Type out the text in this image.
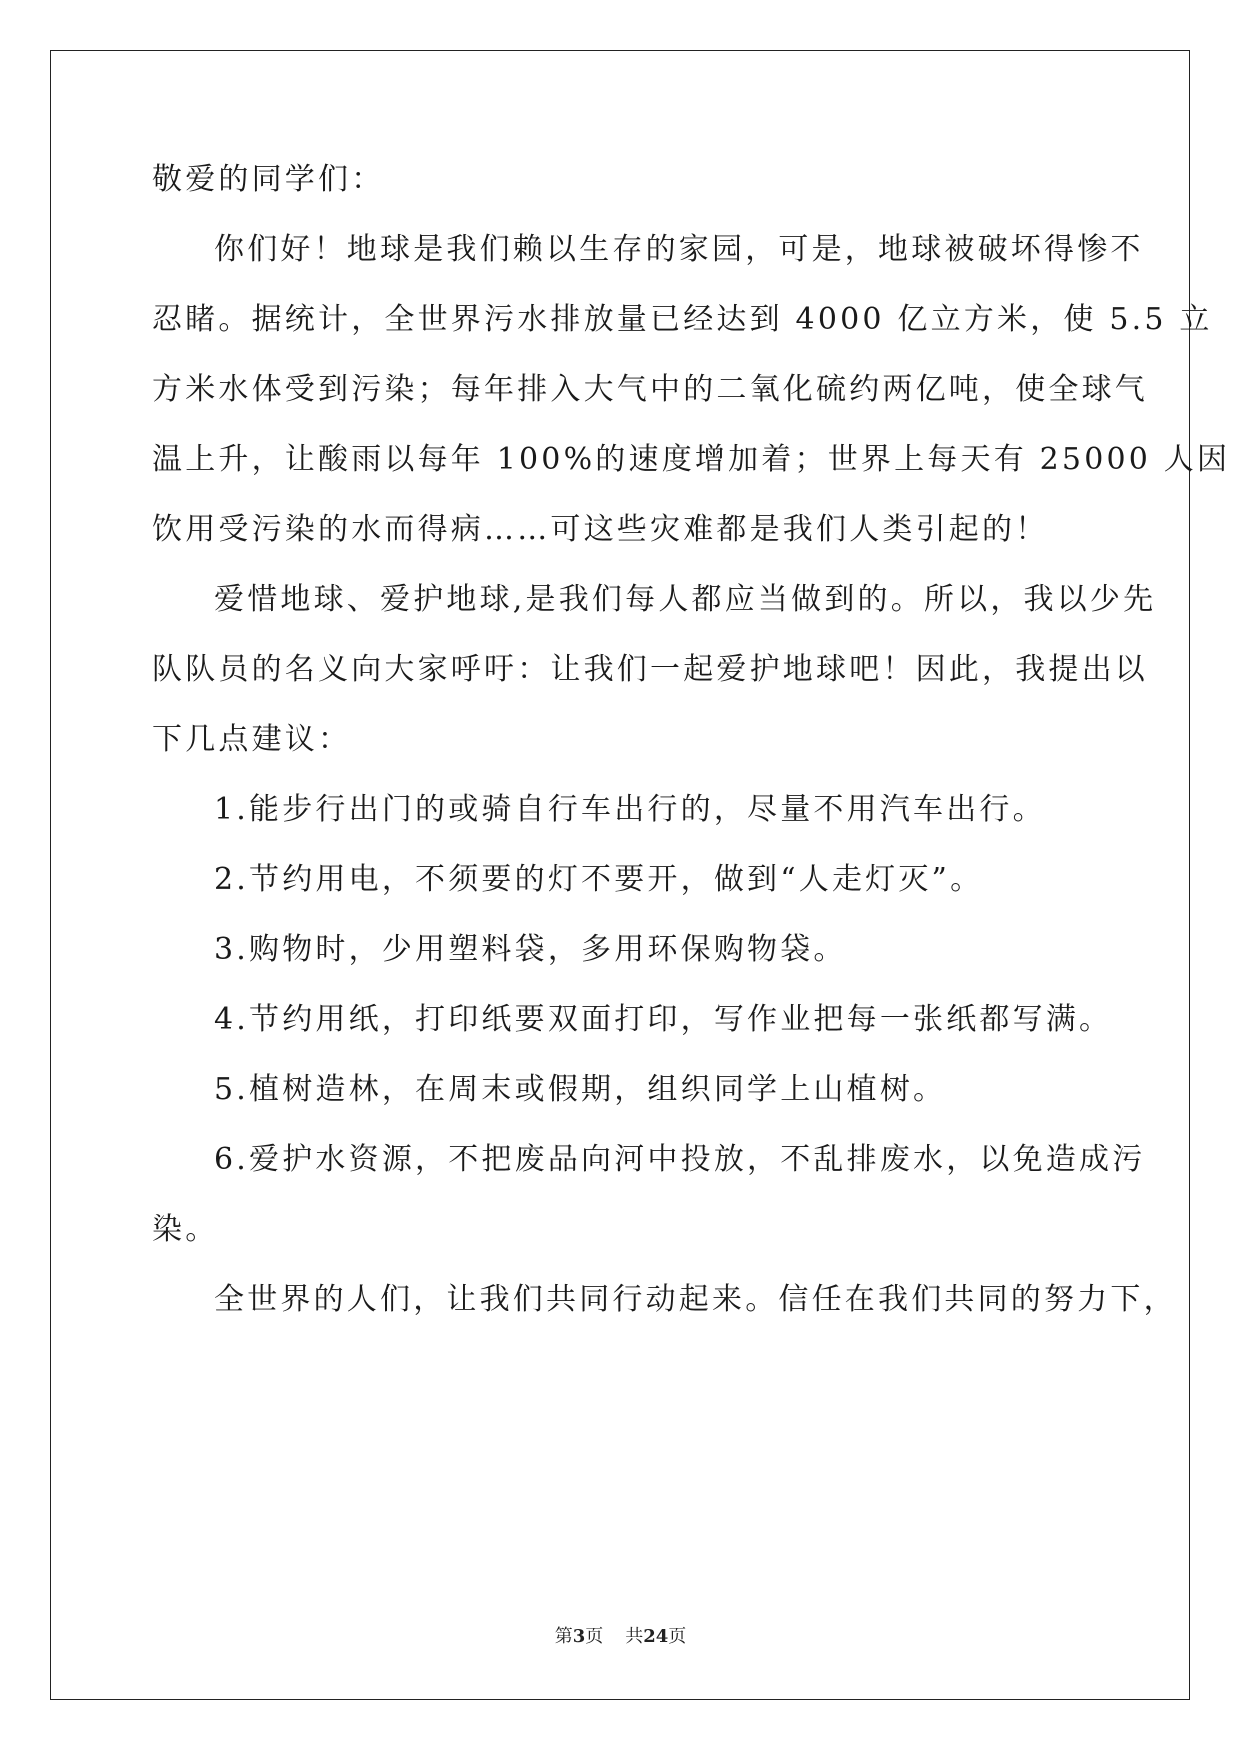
敬爱的同学们：
你们好！地球是我们赖以生存的家园，可是，地球被破坏得惨不
忍睹。据统计，全世界污水排放量已经达到 4000 亿立方米，使 5.5 立
方米水体受到污染；每年排入大气中的二氧化硫约两亿吨，使全球气
温上升，让酸雨以每年 100%的速度增加着；世界上每天有 25000 人因
饮用受污染的水而得病……可这些灾难都是我们人类引起的！
爱惜地球、爱护地球,是我们每人都应当做到的。所以，我以少先
队队员的名义向大家呼吁：让我们一起爱护地球吧！因此，我提出以
下几点建议：
1.能步行出门的或骑自行车出行的，尽量不用汽车出行。
2.节约用电，不须要的灯不要开，做到“人走灯灭”。
3.购物时，少用塑料袋，多用环保购物袋。
4.节约用纸，打印纸要双面打印，写作业把每一张纸都写满。
5.植树造林，在周末或假期，组织同学上山植树。
6.爱护水资源，不把废品向河中投放，不乱排废水，以免造成污
染。
全世界的人们，让我们共同行动起来。信任在我们共同的努力下，
第3页 共24页
